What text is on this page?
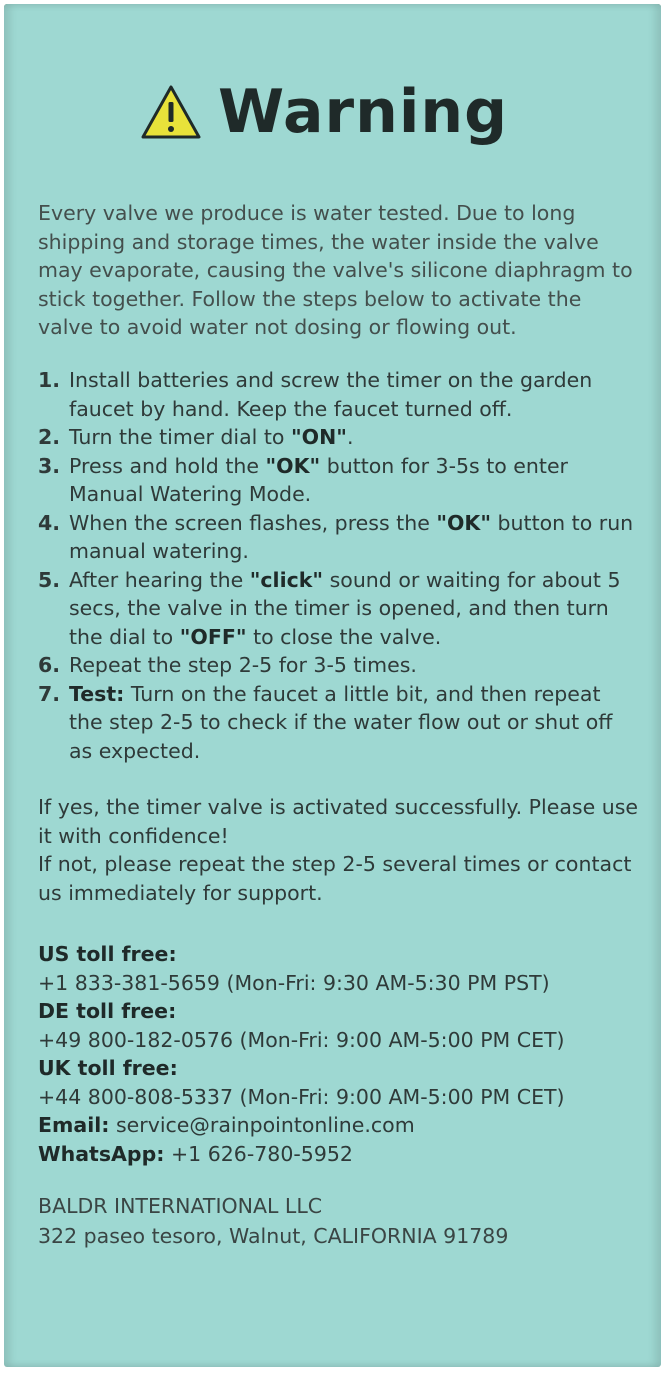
Warning

Every valve we produce is water tested. Due to long shipping and storage times, the water inside the valve may evaporate, causing the valve's silicone diaphragm to stick together. Follow the steps below to activate the valve to avoid water not dosing or flowing out.

1. Install batteries and screw the timer on the garden faucet by hand. Keep the faucet turned off.
2. Turn the timer dial to "ON".
3. Press and hold the "OK" button for 3-5s to enter Manual Watering Mode.
4. When the screen flashes, press the "OK" button to run manual watering.
5. After hearing the "click" sound or waiting for about 5 secs, the valve in the timer is opened, and then turn the dial to "OFF" to close the valve.
6. Repeat the step 2-5 for 3-5 times.
7. Test: Turn on the faucet a little bit, and then repeat the step 2-5 to check if the water flow out or shut off as expected.
If yes, the timer valve is activated successfully. Please use it with confidence!
If not, please repeat the step 2-5 several times or contact us immediately for support.
US toll free:
+1 833-381-5659 (Mon-Fri: 9:30 AM-5:30 PM PST)
DE toll free:
+49 800-182-0576 (Mon-Fri: 9:00 AM-5:00 PM CET)
UK toll free:
+44 800-808-5337 (Mon-Fri: 9:00 AM-5:00 PM CET)
Email: service@rainpointonline.com
WhatsApp: +1 626-780-5952
BALDR INTERNATIONAL LLC
322 paseo tesoro, Walnut, CALIFORNIA 91789
